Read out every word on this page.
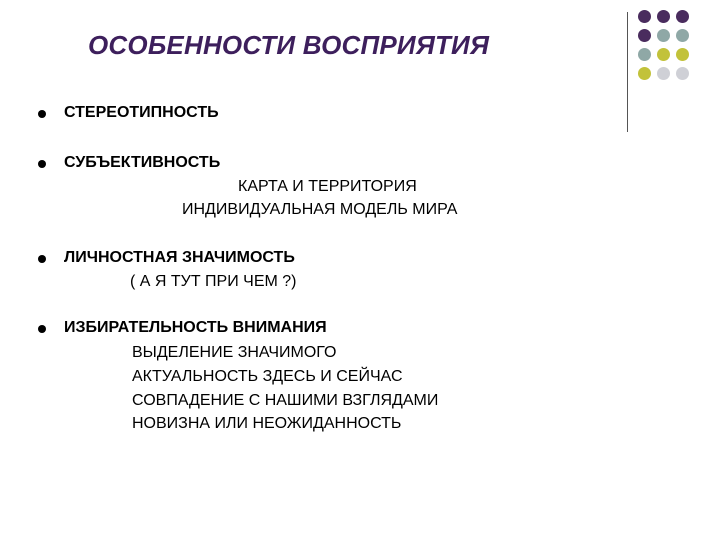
ОСОБЕННОСТИ ВОСПРИЯТИЯ
СТЕРЕОТИПНОСТЬ
СУБЪЕКТИВНОСТЬ
КАРТА И ТЕРРИТОРИЯ
ИНДИВИДУАЛЬНАЯ МОДЕЛЬ МИРА
ЛИЧНОСТНАЯ ЗНАЧИМОСТЬ
( А Я ТУТ ПРИ ЧЕМ ?)
ИЗБИРАТЕЛЬНОСТЬ ВНИМАНИЯ
ВЫДЕЛЕНИЕ ЗНАЧИМОГО
АКТУАЛЬНОСТЬ ЗДЕСЬ И СЕЙЧАС
СОВПАДЕНИЕ С НАШИМИ ВЗГЛЯДАМИ
НОВИЗНА ИЛИ НЕОЖИДАННОСТЬ
